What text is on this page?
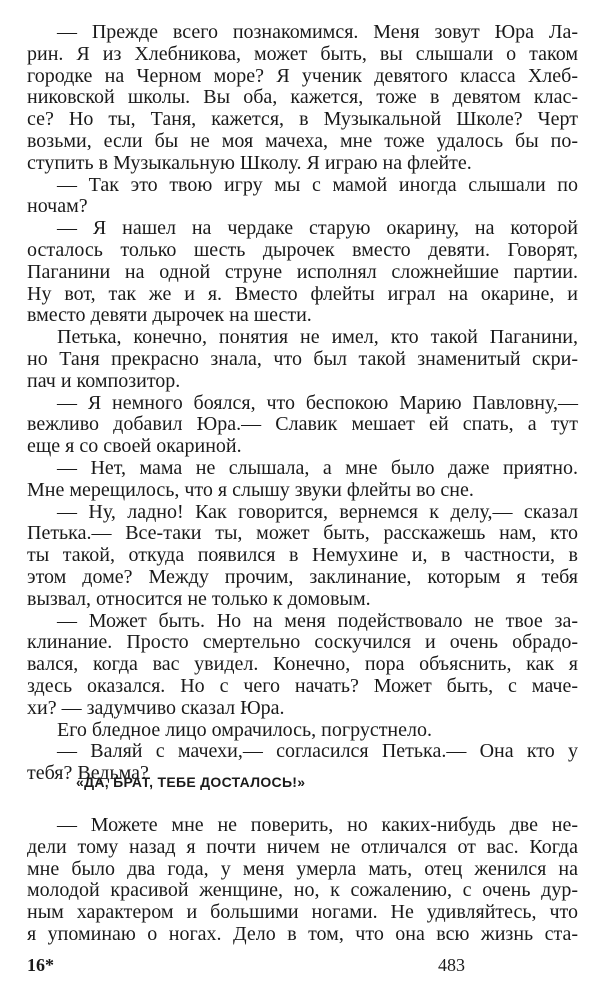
— Прежде всего познакомимся. Меня зовут Юра Ла-
рин. Я из Хлебникова, может быть, вы слышали о таком
городке на Черном море? Я ученик девятого класса Хлеб-
никовской школы. Вы оба, кажется, тоже в девятом клас-
се? Но ты, Таня, кажется, в Музыкальной Школе? Черт
возьми, если бы не моя мачеха, мне тоже удалось бы по-
ступить в Музыкальную Школу. Я играю на флейте.
— Так это твою игру мы с мамой иногда слышали по
ночам?
— Я нашел на чердаке старую окарину, на которой
осталось только шесть дырочек вместо девяти. Говорят,
Паганини на одной струне исполнял сложнейшие партии.
Ну вот, так же и я. Вместо флейты играл на окарине, и
вместо девяти дырочек на шести.
Петька, конечно, понятия не имел, кто такой Паганини,
но Таня прекрасно знала, что был такой знаменитый скри-
пач и композитор.
— Я немного боялся, что беспокою Марию Павловну,—
вежливо добавил Юра.— Славик мешает ей спать, а тут
еще я со своей окариной.
— Нет, мама не слышала, а мне было даже приятно.
Мне мерещилось, что я слышу звуки флейты во сне.
— Ну, ладно! Как говорится, вернемся к делу,— сказал
Петька.— Все-таки ты, может быть, расскажешь нам, кто
ты такой, откуда появился в Немухине и, в частности, в
этом доме? Между прочим, заклинание, которым я тебя
вызвал, относится не только к домовым.
— Может быть. Но на меня подействовало не твое за-
клинание. Просто смертельно соскучился и очень обрадо-
вался, когда вас увидел. Конечно, пора объяснить, как я
здесь оказался. Но с чего начать? Может быть, с маче-
хи? — задумчиво сказал Юра.
Его бледное лицо омрачилось, погрустнело.
— Валяй с мачехи,— согласился Петька.— Она кто у
тебя? Ведьма?
«ДА, БРАТ, ТЕБЕ ДОСТАЛОСЬ!»
— Можете мне не поверить, но каких-нибудь две не-
дели тому назад я почти ничем не отличался от вас. Когда
мне было два года, у меня умерла мать, отец женился на
молодой красивой женщине, но, к сожалению, с очень дур-
ным характером и большими ногами. Не удивляйтесь, что
я упоминаю о ногах. Дело в том, что она всю жизнь ста-
16*	483
